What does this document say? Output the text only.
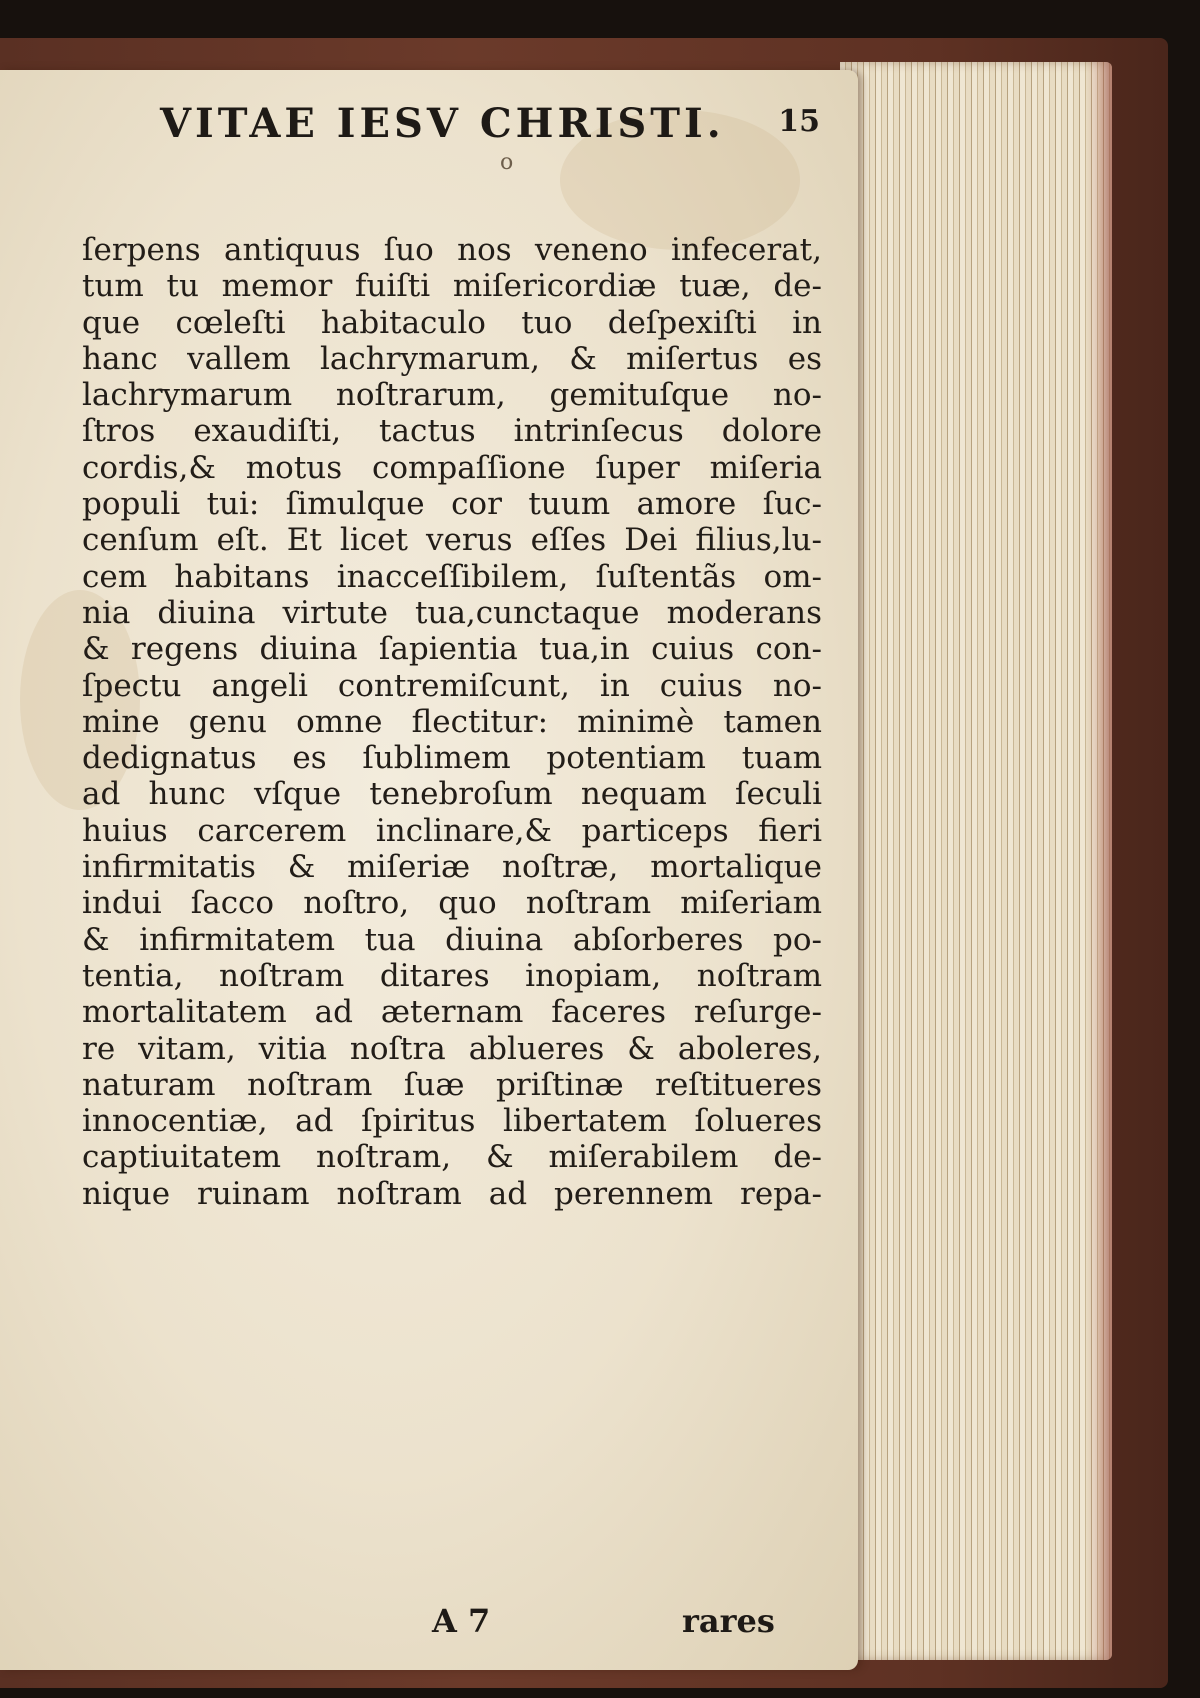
VITAE IESV CHRISTI. 15
o
ſerpens antiquus ſuo nos veneno infecerat,
tum tu memor fuiſti miſericordiæ tuæ, de-
que cœleſti habitaculo tuo deſpexiſti in
hanc vallem lachrymarum, & miſertus es
lachrymarum noſtrarum, gemituſque no-
ſtros exaudiſti, tactus intrinſecus dolore
cordis,& motus compaſſione ſuper miſeria
populi tui: ſimulque cor tuum amore ſuc-
cenſum eſt. Et licet verus eſſes Dei filius,lu-
cem habitans inacceſſibilem, ſuſtentãs om-
nia diuina virtute tua,cunctaque moderans
& regens diuina ſapientia tua,in cuius con-
ſpectu angeli contremiſcunt, in cuius no-
mine genu omne flectitur: minimè tamen
dedignatus es ſublimem potentiam tuam
ad hunc vſque tenebroſum nequam ſeculi
huius carcerem inclinare,& particeps fieri
infirmitatis & miſeriæ noſtræ, mortalique
indui ſacco noſtro, quo noſtram miſeriam
& infirmitatem tua diuina abſorberes po-
tentia, noſtram ditares inopiam, noſtram
mortalitatem ad æternam faceres reſurge-
re vitam, vitia noſtra ablueres & aboleres,
naturam noſtram ſuæ priſtinæ reſtitueres
innocentiæ, ad ſpiritus libertatem ſolueres
captiuitatem noſtram, & miſerabilem de-
nique ruinam noſtram ad perennem repa-
A 7	rares
